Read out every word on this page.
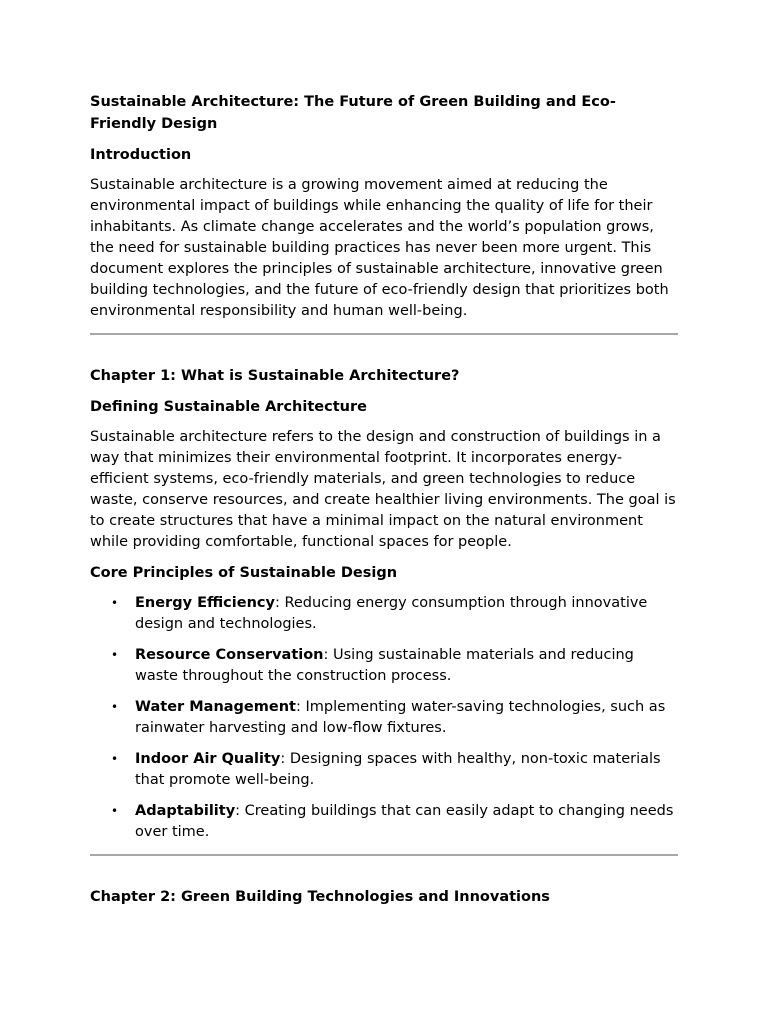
Sustainable Architecture: The Future of Green Building and Eco-Friendly Design
Introduction

Sustainable architecture is a growing movement aimed at reducing the environmental impact of buildings while enhancing the quality of life for their inhabitants. As climate change accelerates and the world’s population grows, the need for sustainable building practices has never been more urgent. This document explores the principles of sustainable architecture, innovative green building technologies, and the future of eco-friendly design that prioritizes both environmental responsibility and human well-being.

Chapter 1: What is Sustainable Architecture?
Defining Sustainable Architecture

Sustainable architecture refers to the design and construction of buildings in a way that minimizes their environmental footprint. It incorporates energy-efficient systems, eco-friendly materials, and green technologies to reduce waste, conserve resources, and create healthier living environments. The goal is to create structures that have a minimal impact on the natural environment while providing comfortable, functional spaces for people.

Core Principles of Sustainable Design
• Energy Efficiency: Reducing energy consumption through innovative design and technologies.
• Resource Conservation: Using sustainable materials and reducing waste throughout the construction process.
• Water Management: Implementing water-saving technologies, such as rainwater harvesting and low-flow fixtures.
• Indoor Air Quality: Designing spaces with healthy, non-toxic materials that promote well-being.
• Adaptability: Creating buildings that can easily adapt to changing needs over time.
Chapter 2: Green Building Technologies and Innovations
